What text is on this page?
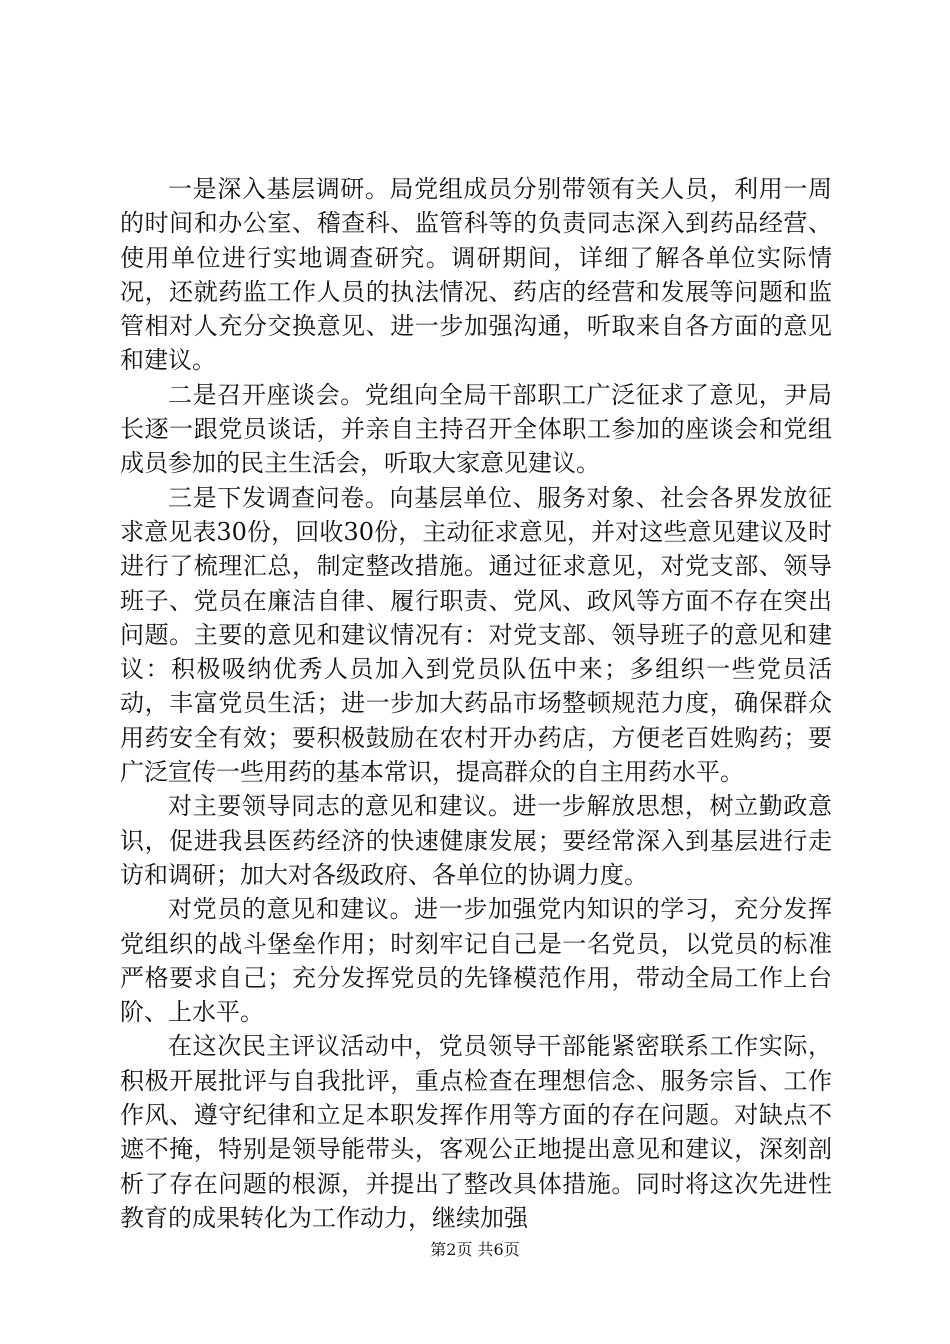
一是深入基层调研。局党组成员分别带领有关人员，利用一周的时间和办公室、稽查科、监管科等的负责同志深入到药品经营、使用单位进行实地调查研究。调研期间，详细了解各单位实际情况，还就药监工作人员的执法情况、药店的经营和发展等问题和监管相对人充分交换意见、进一步加强沟通，听取来自各方面的意见和建议。

二是召开座谈会。党组向全局干部职工广泛征求了意见，尹局长逐一跟党员谈话，并亲自主持召开全体职工参加的座谈会和党组成员参加的民主生活会，听取大家意见建议。

三是下发调查问卷。向基层单位、服务对象、社会各界发放征求意见表30份，回收30份，主动征求意见，并对这些意见建议及时进行了梳理汇总，制定整改措施。通过征求意见，对党支部、领导班子、党员在廉洁自律、履行职责、党风、政风等方面不存在突出问题。主要的意见和建议情况有：对党支部、领导班子的意见和建议：积极吸纳优秀人员加入到党员队伍中来；多组织一些党员活动，丰富党员生活；进一步加大药品市场整顿规范力度，确保群众用药安全有效；要积极鼓励在农村开办药店，方便老百姓购药；要广泛宣传一些用药的基本常识，提高群众的自主用药水平。

对主要领导同志的意见和建议。进一步解放思想，树立勤政意识，促进我县医药经济的快速健康发展；要经常深入到基层进行走访和调研；加大对各级政府、各单位的协调力度。

对党员的意见和建议。进一步加强党内知识的学习，充分发挥党组织的战斗堡垒作用；时刻牢记自己是一名党员，以党员的标准严格要求自己；充分发挥党员的先锋模范作用，带动全局工作上台阶、上水平。

在这次民主评议活动中，党员领导干部能紧密联系工作实际，积极开展批评与自我批评，重点检查在理想信念、服务宗旨、工作作风、遵守纪律和立足本职发挥作用等方面的存在问题。对缺点不遮不掩，特别是领导能带头，客观公正地提出意见和建议，深刻剖析了存在问题的根源，并提出了整改具体措施。同时将这次先进性教育的成果转化为工作动力，继续加强

第2页 共6页
